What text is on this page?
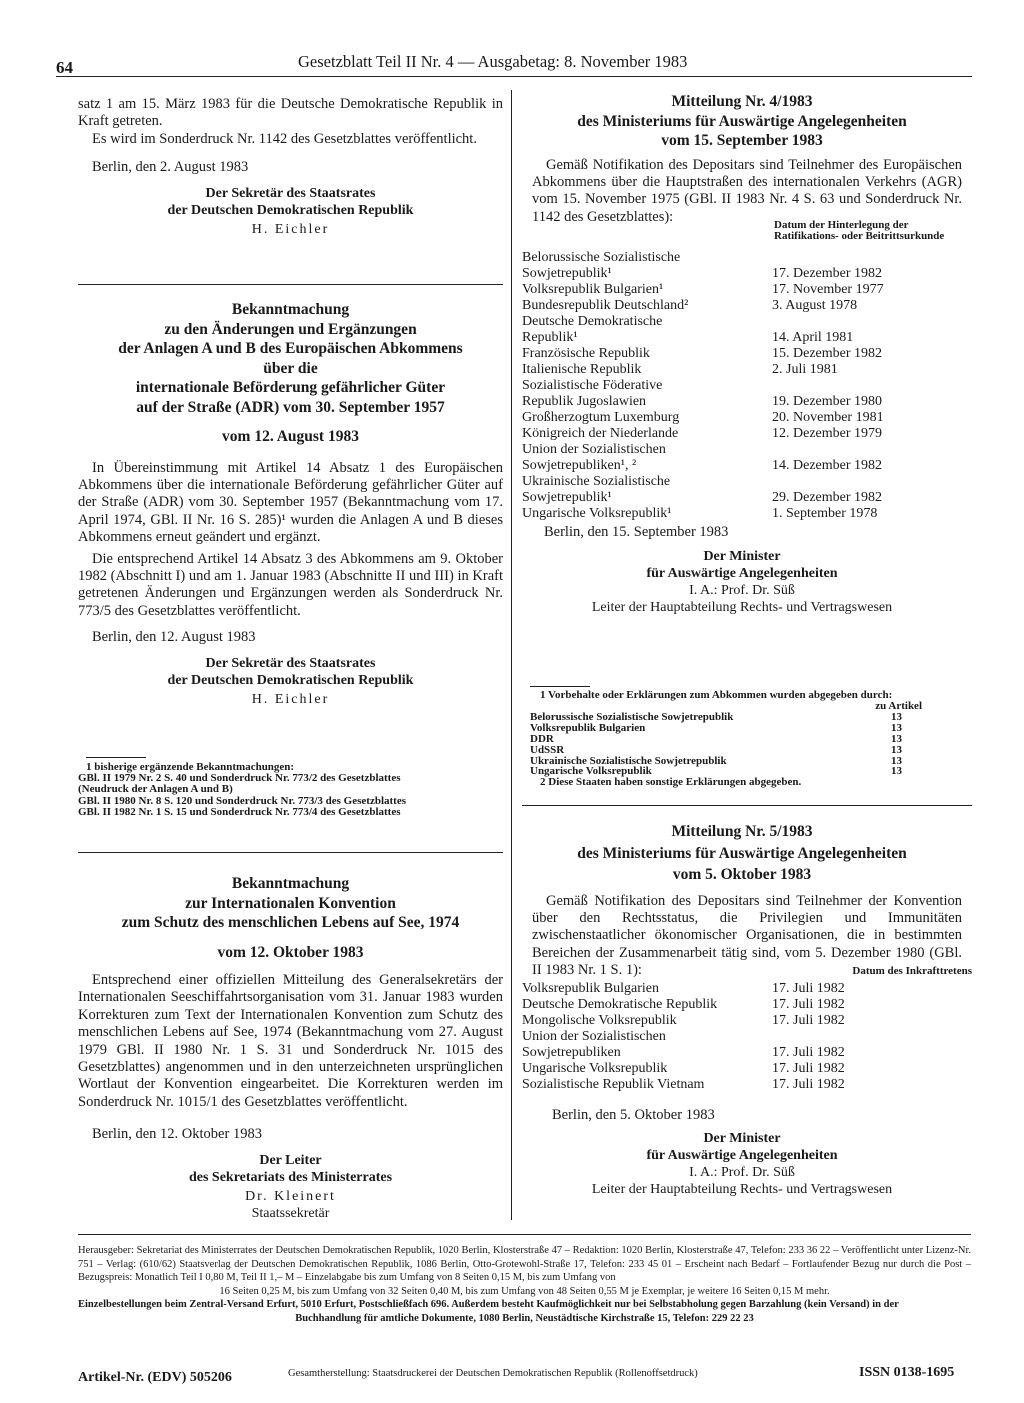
64	Gesetzblatt Teil II Nr. 4 — Ausgabetag: 8. November 1983

satz 1 am 15. März 1983 für die Deutsche Demokratische Republik in Kraft getreten.

Es wird im Sonderdruck Nr. 1142 des Gesetzblattes veröffentlicht.

Berlin, den 2. August 1983

Der Sekretär des Staatsrates
der Deutschen Demokratischen Republik
H. Eichler
Bekanntmachung
zu den Änderungen und Ergänzungen
der Anlagen A und B des Europäischen Abkommens
über die
internationale Beförderung gefährlicher Güter
auf der Straße (ADR) vom 30. September 1957
vom 12. August 1983

In Übereinstimmung mit Artikel 14 Absatz 1 des Europäischen Abkommens über die internationale Beförderung gefährlicher Güter auf der Straße (ADR) vom 30. September 1957 (Bekanntmachung vom 17. April 1974, GBl. II Nr. 16 S. 285)¹ wurden die Anlagen A und B dieses Abkommens erneut geändert und ergänzt.

Die entsprechend Artikel 14 Absatz 3 des Abkommens am 9. Oktober 1982 (Abschnitt I) und am 1. Januar 1983 (Abschnitte II und III) in Kraft getretenen Änderungen und Ergänzungen werden als Sonderdruck Nr. 773/5 des Gesetzblattes veröffentlicht.

Berlin, den 12. August 1983

Der Sekretär des Staatsrates
der Deutschen Demokratischen Republik
H. Eichler
1 bisherige ergänzende Bekanntmachungen:
GBl. II 1979 Nr. 2 S. 40 und Sonderdruck Nr. 773/2 des Gesetzblattes
(Neudruck der Anlagen A und B)
GBl. II 1980 Nr. 8 S. 120 und Sonderdruck Nr. 773/3 des Gesetzblattes
GBl. II 1982 Nr. 1 S. 15 und Sonderdruck Nr. 773/4 des Gesetzblattes
Bekanntmachung
zur Internationalen Konvention
zum Schutz des menschlichen Lebens auf See, 1974
vom 12. Oktober 1983

Entsprechend einer offiziellen Mitteilung des Generalsekretärs der Internationalen Seeschiffahrtsorganisation vom 31. Januar 1983 wurden Korrekturen zum Text der Internationalen Konvention zum Schutz des menschlichen Lebens auf See, 1974 (Bekanntmachung vom 27. August 1979 GBl. II 1980 Nr. 1 S. 31 und Sonderdruck Nr. 1015 des Gesetzblattes) angenommen und in den unterzeichneten ursprünglichen Wortlaut der Konvention eingearbeitet. Die Korrekturen werden im Sonderdruck Nr. 1015/1 des Gesetzblattes veröffentlicht.

Berlin, den 12. Oktober 1983

Der Leiter
des Sekretariats des Ministerrates
Dr. Kleinert
Staatssekretär
Mitteilung Nr. 4/1983
des Ministeriums für Auswärtige Angelegenheiten
vom 15. September 1983

Gemäß Notifikation des Depositars sind Teilnehmer des Europäischen Abkommens über die Hauptstraßen des internationalen Verkehrs (AGR) vom 15. November 1975 (GBl. II 1983 Nr. 4 S. 63 und Sonderdruck Nr. 1142 des Gesetzblattes):

Datum der Hinterlegung der Ratifikations- oder Beitrittsurkunde
Belorussische Sozialistische	
Sowjetrepublik¹	17. Dezember 1982
Volksrepublik Bulgarien¹	17. November 1977
Bundesrepublik Deutschland²	3. August 1978
Deutsche Demokratische	
Republik¹	14. April 1981
Französische Republik	15. Dezember 1982
Italienische Republik	2. Juli 1981
Sozialistische Föderative	
Republik Jugoslawien	19. Dezember 1980
Großherzogtum Luxemburg	20. November 1981
Königreich der Niederlande	12. Dezember 1979
Union der Sozialistischen	
Sowjetrepubliken¹, ²	14. Dezember 1982
Ukrainische Sozialistische	
Sowjetrepublik¹	29. Dezember 1982
Ungarische Volksrepublik¹	1. September 1978

Berlin, den 15. September 1983

Der Minister
für Auswärtige Angelegenheiten
I. A.: Prof. Dr. Süß
Leiter der Hauptabteilung Rechts- und Vertragswesen
1 Vorbehalte oder Erklärungen zum Abkommen wurden abgegeben durch:
zu Artikel
Belorussische Sozialistische Sowjetrepublik	13
Volksrepublik Bulgarien	13
DDR	13
UdSSR	13
Ukrainische Sozialistische Sowjetrepublik	13
Ungarische Volksrepublik	13
2 Diese Staaten haben sonstige Erklärungen abgegeben.
Mitteilung Nr. 5/1983
des Ministeriums für Auswärtige Angelegenheiten
vom 5. Oktober 1983

Gemäß Notifikation des Depositars sind Teilnehmer der Konvention über den Rechtsstatus, die Privilegien und Immunitäten zwischenstaatlicher ökonomischer Organisationen, die in bestimmten Bereichen der Zusammenarbeit tätig sind, vom 5. Dezember 1980 (GBl. II 1983 Nr. 1 S. 1):	Datum des Inkrafttretens
Volksrepublik Bulgarien	17. Juli 1982
Deutsche Demokratische Republik	17. Juli 1982
Mongolische Volksrepublik	17. Juli 1982
Union der Sozialistischen	
Sowjetrepubliken	17. Juli 1982
Ungarische Volksrepublik	17. Juli 1982
Sozialistische Republik Vietnam	17. Juli 1982

Berlin, den 5. Oktober 1983

Der Minister
für Auswärtige Angelegenheiten
I. A.: Prof. Dr. Süß
Leiter der Hauptabteilung Rechts- und Vertragswesen
Herausgeber: Sekretariat des Ministerrates der Deutschen Demokratischen Republik, 1020 Berlin, Klosterstraße 47 – Redaktion: 1020 Berlin, Klosterstraße 47, Telefon: 233 36 22 – Veröffentlicht unter Lizenz-Nr. 751 – Verlag: (610/62) Staatsverlag der Deutschen Demokratischen Republik, 1086 Berlin, Otto-Grotewohl-Straße 17, Telefon: 233 45 01 – Erscheint nach Bedarf – Fortlaufender Bezug nur durch die Post – Bezugspreis: Monatlich Teil I 0,80 M, Teil II 1,– M – Einzelabgabe bis zum Umfang von 8 Seiten 0,15 M, bis zum Umfang von
16 Seiten 0,25 M, bis zum Umfang von 32 Seiten 0,40 M, bis zum Umfang von 48 Seiten 0,55 M je Exemplar, je weitere 16 Seiten 0,15 M mehr.
Einzelbestellungen beim Zentral-Versand Erfurt, 5010 Erfurt, Postschließfach 696. Außerdem besteht Kaufmöglichkeit nur bei Selbstabholung gegen Barzahlung (kein Versand) in der
Buchhandlung für amtliche Dokumente, 1080 Berlin, Neustädtische Kirchstraße 15, Telefon: 229 22 23
Artikel-Nr. (EDV) 505206	Gesamtherstellung: Staatsdruckerei der Deutschen Demokratischen Republik (Rollenoffsetdruck)	ISSN 0138-1695
